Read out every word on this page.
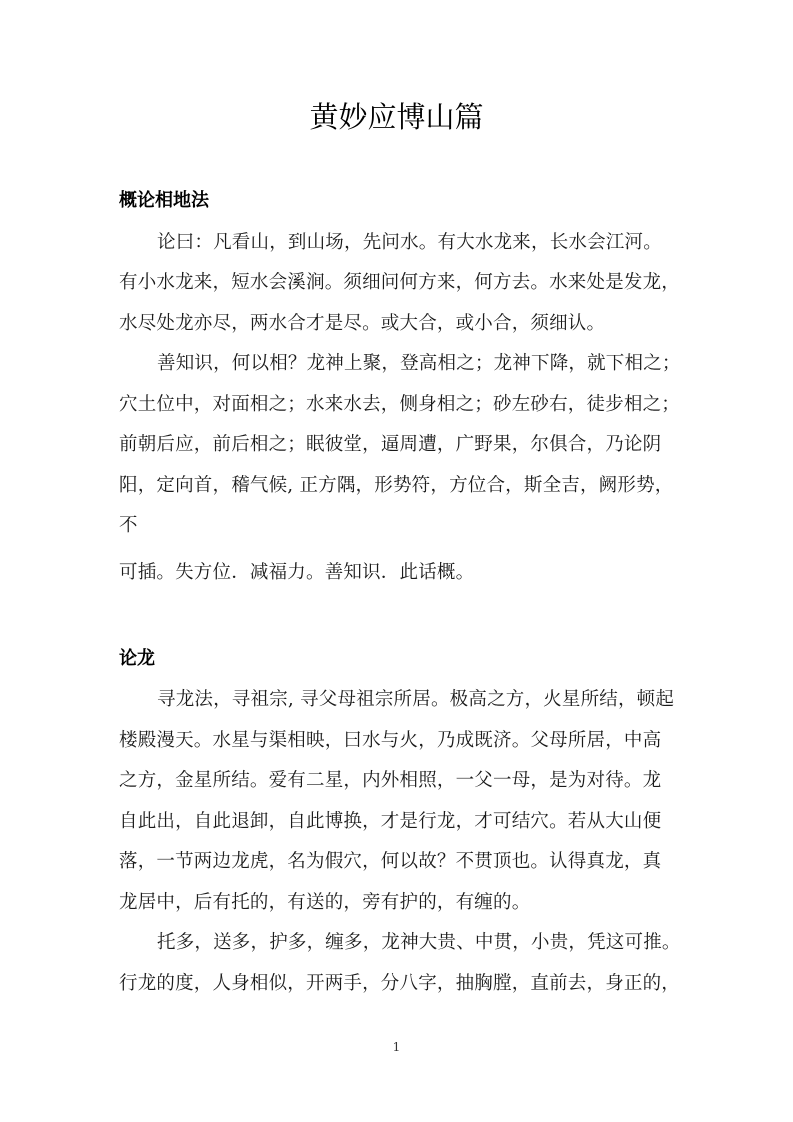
黄妙应博山篇
概论相地法
论曰：凡看山，到山场，先问水。有大水龙来，长水会江河。
有小水龙来，短水会溪涧。须细问何方来，何方去。水来处是发龙，
水尽处龙亦尽，两水合才是尽。或大合，或小合，须细认。
善知识，何以相？龙神上聚，登高相之；龙神下降，就下相之；
穴土位中，对面相之；水来水去，侧身相之；砂左砂右，徒步相之；
前朝后应，前后相之；眠彼堂，逼周遭，广野果，尔俱合，乃论阴
阳，定向首，稽气候, 正方隅，形势符，方位合，斯全吉，阙形势，
不
可插。失方位．减福力。善知识．此话概。
论龙
寻龙法，寻祖宗, 寻父母祖宗所居。极高之方，火星所结，顿起
楼殿漫天。水星与渠相映，曰水与火，乃成既济。父母所居，中高
之方，金星所结。爱有二星，内外相照，一父一母，是为对待。龙
自此出，自此退卸，自此博换，才是行龙，才可结穴。若从大山便
落，一节两边龙虎，名为假穴，何以故？不贯顶也。认得真龙，真
龙居中，后有托的，有送的，旁有护的，有缠的。
托多，送多，护多，缠多，龙神大贵、中贯，小贵，凭这可推。
行龙的度，人身相似，开两手，分八字，抽胸膛，直前去，身正的，
1
